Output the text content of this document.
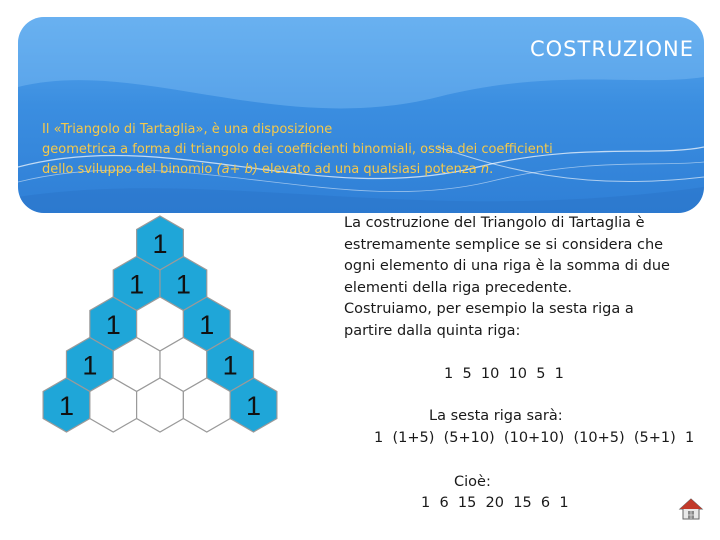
COSTRUZIONE
Il «Triangolo di Tartaglia», è una disposizione
geometrica a forma di triangolo dei coefficienti binomiali, ossia dei coefficienti
dello sviluppo del binomio (a+ b) elevato ad una qualsiasi potenza n.
1
1 1
1	1
1	1
1	1
La costruzione del Triangolo di Tartaglia è
estremamente semplice se si considera che
ogni elemento di una riga è la somma di due
elementi della riga precedente.
Costruiamo, per esempio la sesta riga a
partire dalla quinta riga:
1  5  10  10  5  1
La sesta riga sarà:
1  (1+5)  (5+10)  (10+10)  (10+5)  (5+1)  1
Cioè:
1  6  15  20  15  6  1
